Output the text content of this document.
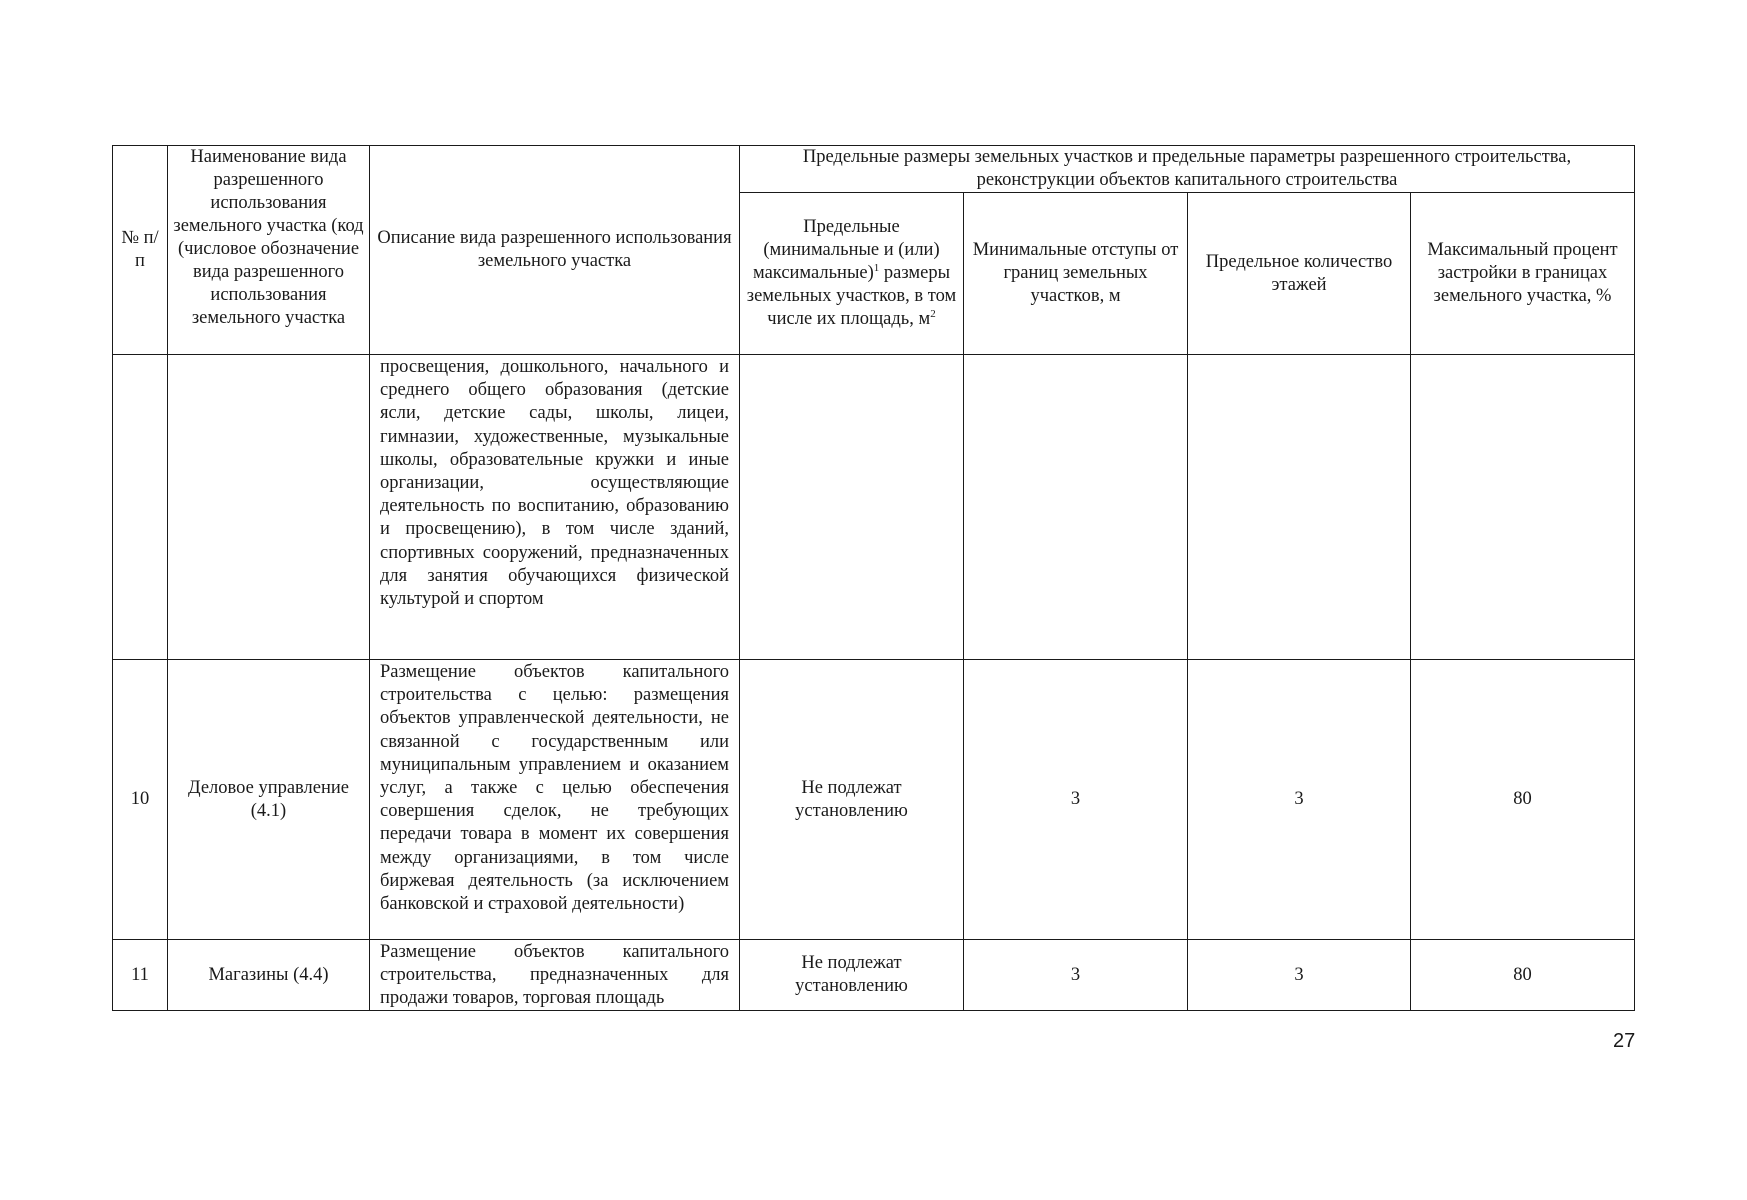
№ п/п	Наименование вида разрешенного использования земельного участка (код (числовое обозначение вида разрешенного использования земельного участка	Описание вида разрешенного использования земельного участка	Предельные размеры земельных участков и предельные параметры разрешенного строительства, реконструкции объектов капитального строительства			
			Предельные (минимальные и (или) максимальные)$^1$ размеры земельных участков, в том числе их площадь, $м^2$	Минимальные отступы от границ земельных участков, м	Предельное количество этажей	Максимальный процент застройки в границах земельного участка, %
		просвещения, дошкольного, начального и среднего общего образования (детские ясли, детские сады, школы, лицеи, гимназии, художественные, музыкальные школы, образовательные кружки и иные организации, осуществляющие деятельность по воспитанию, образованию и просвещению), в том числе зданий, спортивных сооружений, предназначенных для занятия обучающихся физической культурой и спортом				
10	Деловое управление (4.1)	Размещение объектов капитального строительства с целью: размещения объектов управленческой деятельности, не связанной с государственным или муниципальным управлением и оказанием услуг, а также с целью обеспечения совершения сделок, не требующих передачи товара в момент их совершения между организациями, в том числе биржевая деятельность (за исключением банковской и страховой деятельности)	Не подлежат установлению	3	3	80
11	Магазины (4.4)	Размещение объектов капитального строительства, предназначенных для продажи товаров, торговая площадь	Не подлежат установлению	3	3	80
27
